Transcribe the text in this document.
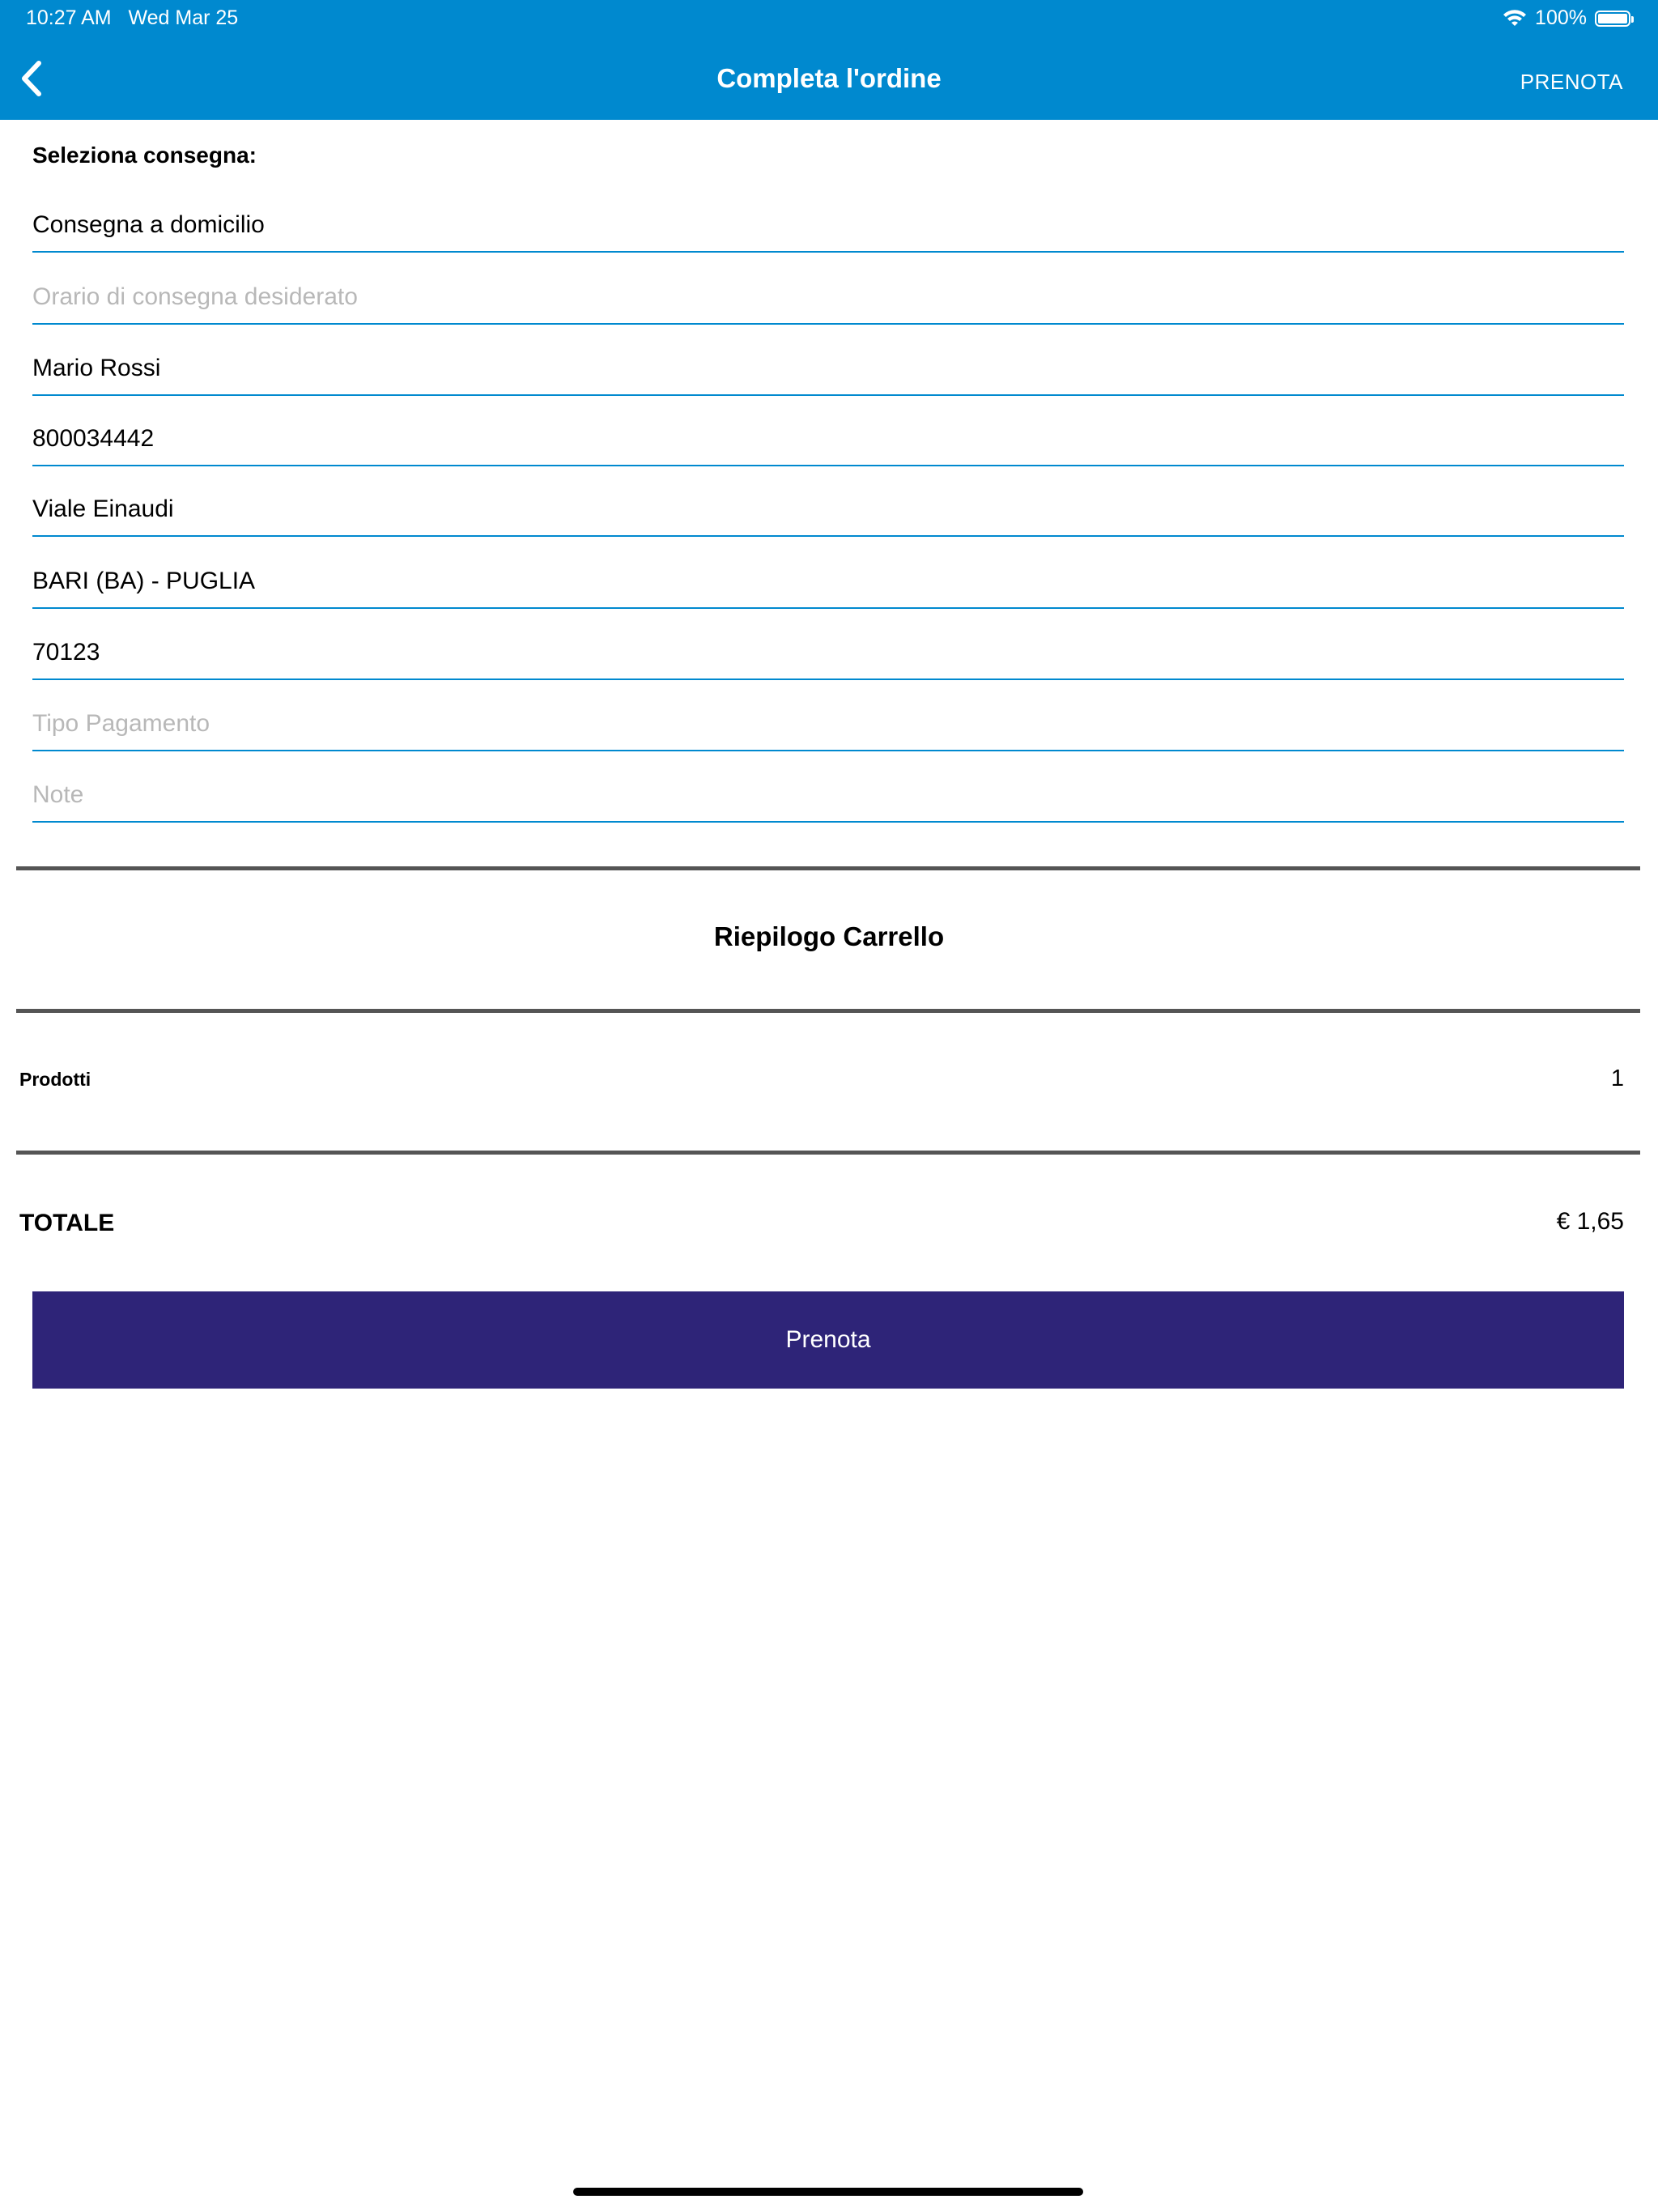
10:27 AM Wed Mar 25	100%
Completa l'ordine	PRENOTA
Seleziona consegna:
Consegna a domicilio
Orario di consegna desiderato
Mario Rossi
800034442
Viale Einaudi
BARI (BA) - PUGLIA
70123
Tipo Pagamento
Note
Riepilogo Carrello
Prodotti	1
TOTALE	€ 1,65
Prenota
